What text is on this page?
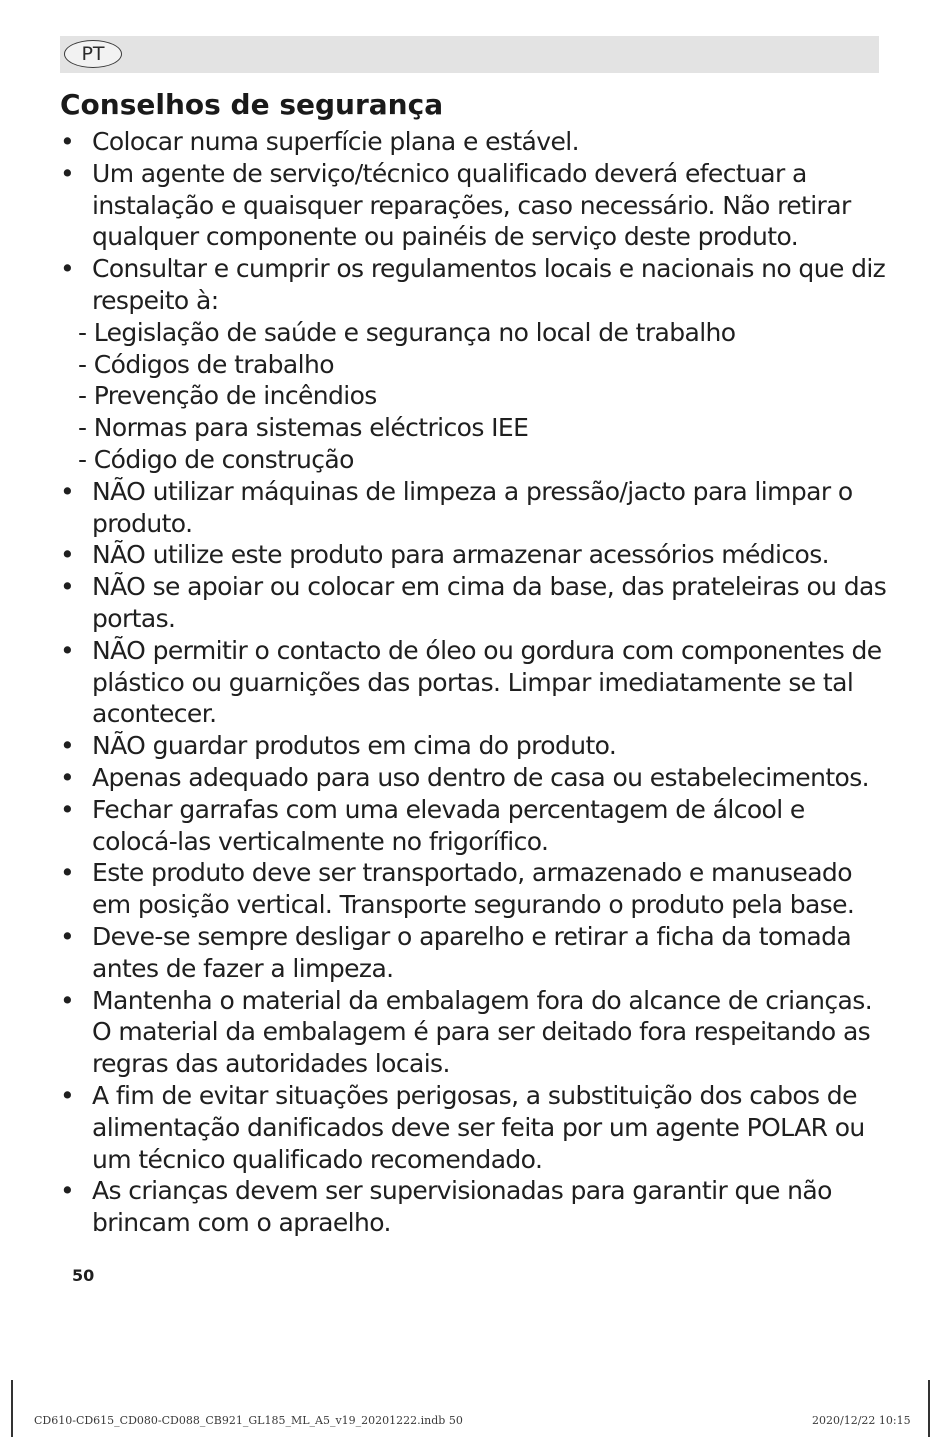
PT
Conselhos de segurança
• Colocar numa superfície plana e estável.
• Um agente de serviço/técnico qualificado deverá efectuar a instalação e quaisquer reparações, caso necessário. Não retirar qualquer componente ou painéis de serviço deste produto.
• Consultar e cumprir os regulamentos locais e nacionais no que diz respeito à:
- Legislação de saúde e segurança no local de trabalho
- Códigos de trabalho
- Prevenção de incêndios
- Normas para sistemas eléctricos IEE
- Código de construção
• NÃO utilizar máquinas de limpeza a pressão/jacto para limpar o produto.
• NÃO utilize este produto para armazenar acessórios médicos.
• NÃO se apoiar ou colocar em cima da base, das prateleiras ou das portas.
• NÃO permitir o contacto de óleo ou gordura com componentes de plástico ou guarnições das portas. Limpar imediatamente se tal acontecer.
• NÃO guardar produtos em cima do produto.
• Apenas adequado para uso dentro de casa ou estabelecimentos.
• Fechar garrafas com uma elevada percentagem de álcool e colocá-las verticalmente no frigorífico.
• Este produto deve ser transportado, armazenado e manuseado em posição vertical. Transporte segurando o produto pela base.
• Deve-se sempre desligar o aparelho e retirar a ficha da tomada antes de fazer a limpeza.
• Mantenha o material da embalagem fora do alcance de crianças. O material da embalagem é para ser deitado fora respeitando as regras das autoridades locais.
• A fim de evitar situações perigosas, a substituição dos cabos de alimentação danificados deve ser feita por um agente POLAR ou um técnico qualificado recomendado.
• As crianças devem ser supervisionadas para garantir que não brincam com o apraelho.
50
CD610-CD615_CD080-CD088_CB921_GL185_ML_A5_v19_20201222.indb 50	2020/12/22 10:15
